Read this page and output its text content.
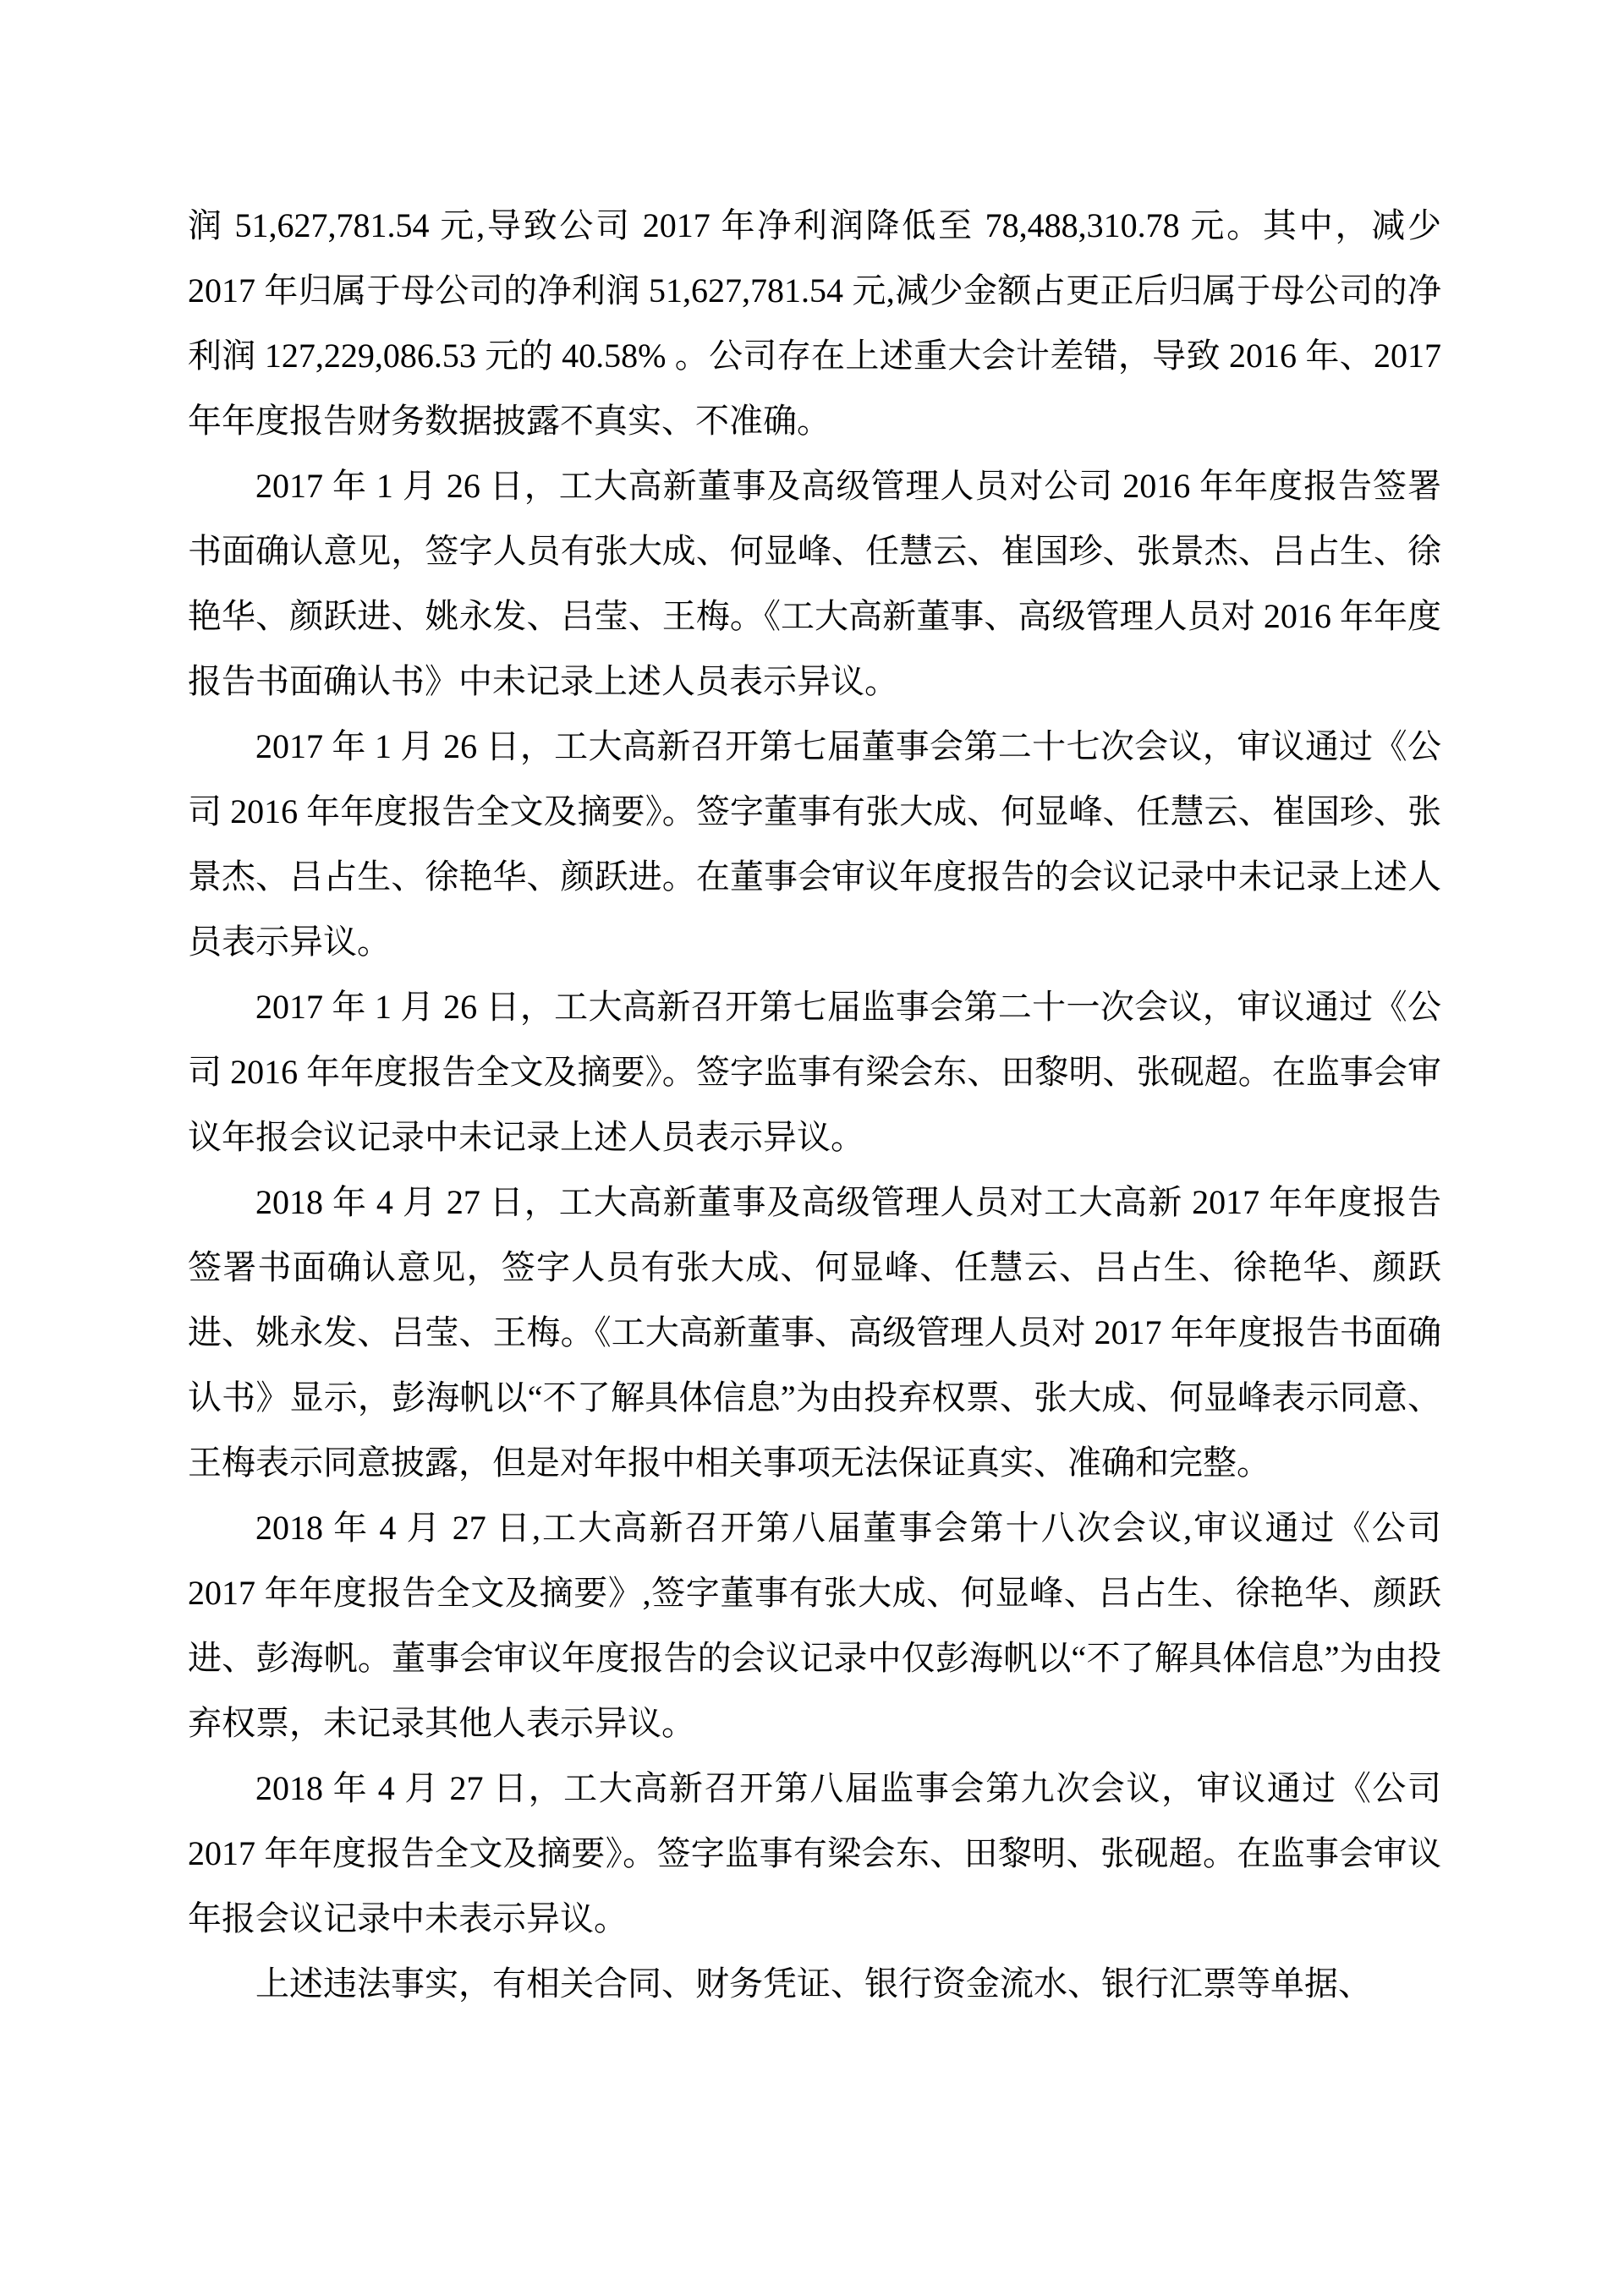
润 51,627,781.54 元,导致公司 2017 年净利润降低至 78,488,310.78 元。其中，减少 2017 年归属于母公司的净利润 51,627,781.54 元,减少金额占更正后归属于母公司的净利润 127,229,086.53 元的 40.58% 。公司存在上述重大会计差错，导致 2016 年、2017 年年度报告财务数据披露不真实、不准确。

2017 年 1 月 26 日，工大高新董事及高级管理人员对公司 2016 年年度报告签署书面确认意见，签字人员有张大成、何显峰、任慧云、崔国珍、张景杰、吕占生、徐艳华、颜跃进、姚永发、吕莹、王梅。《工大高新董事、高级管理人员对 2016 年年度报告书面确认书》中未记录上述人员表示异议。

2017 年 1 月 26 日，工大高新召开第七届董事会第二十七次会议，审议通过《公司 2016 年年度报告全文及摘要》。签字董事有张大成、何显峰、任慧云、崔国珍、张景杰、吕占生、徐艳华、颜跃进。在董事会审议年度报告的会议记录中未记录上述人员表示异议。

2017 年 1 月 26 日，工大高新召开第七届监事会第二十一次会议，审议通过《公司 2016 年年度报告全文及摘要》。签字监事有梁会东、田黎明、张砚超。在监事会审议年报会议记录中未记录上述人员表示异议。

2018 年 4 月 27 日，工大高新董事及高级管理人员对工大高新 2017 年年度报告签署书面确认意见，签字人员有张大成、何显峰、任慧云、吕占生、徐艳华、颜跃进、姚永发、吕莹、王梅。《工大高新董事、高级管理人员对 2017 年年度报告书面确认书》显示，彭海帆以“不了解具体信息”为由投弃权票、张大成、何显峰表示同意、王梅表示同意披露，但是对年报中相关事项无法保证真实、准确和完整。

2018 年 4 月 27 日,工大高新召开第八届董事会第十八次会议,审议通过《公司 2017 年年度报告全文及摘要》,签字董事有张大成、何显峰、吕占生、徐艳华、颜跃进、彭海帆。董事会审议年度报告的会议记录中仅彭海帆以“不了解具体信息”为由投弃权票，未记录其他人表示异议。

2018 年 4 月 27 日，工大高新召开第八届监事会第九次会议，审议通过《公司 2017 年年度报告全文及摘要》。签字监事有梁会东、田黎明、张砚超。在监事会审议年报会议记录中未表示异议。

上述违法事实，有相关合同、财务凭证、银行资金流水、银行汇票等单据、
